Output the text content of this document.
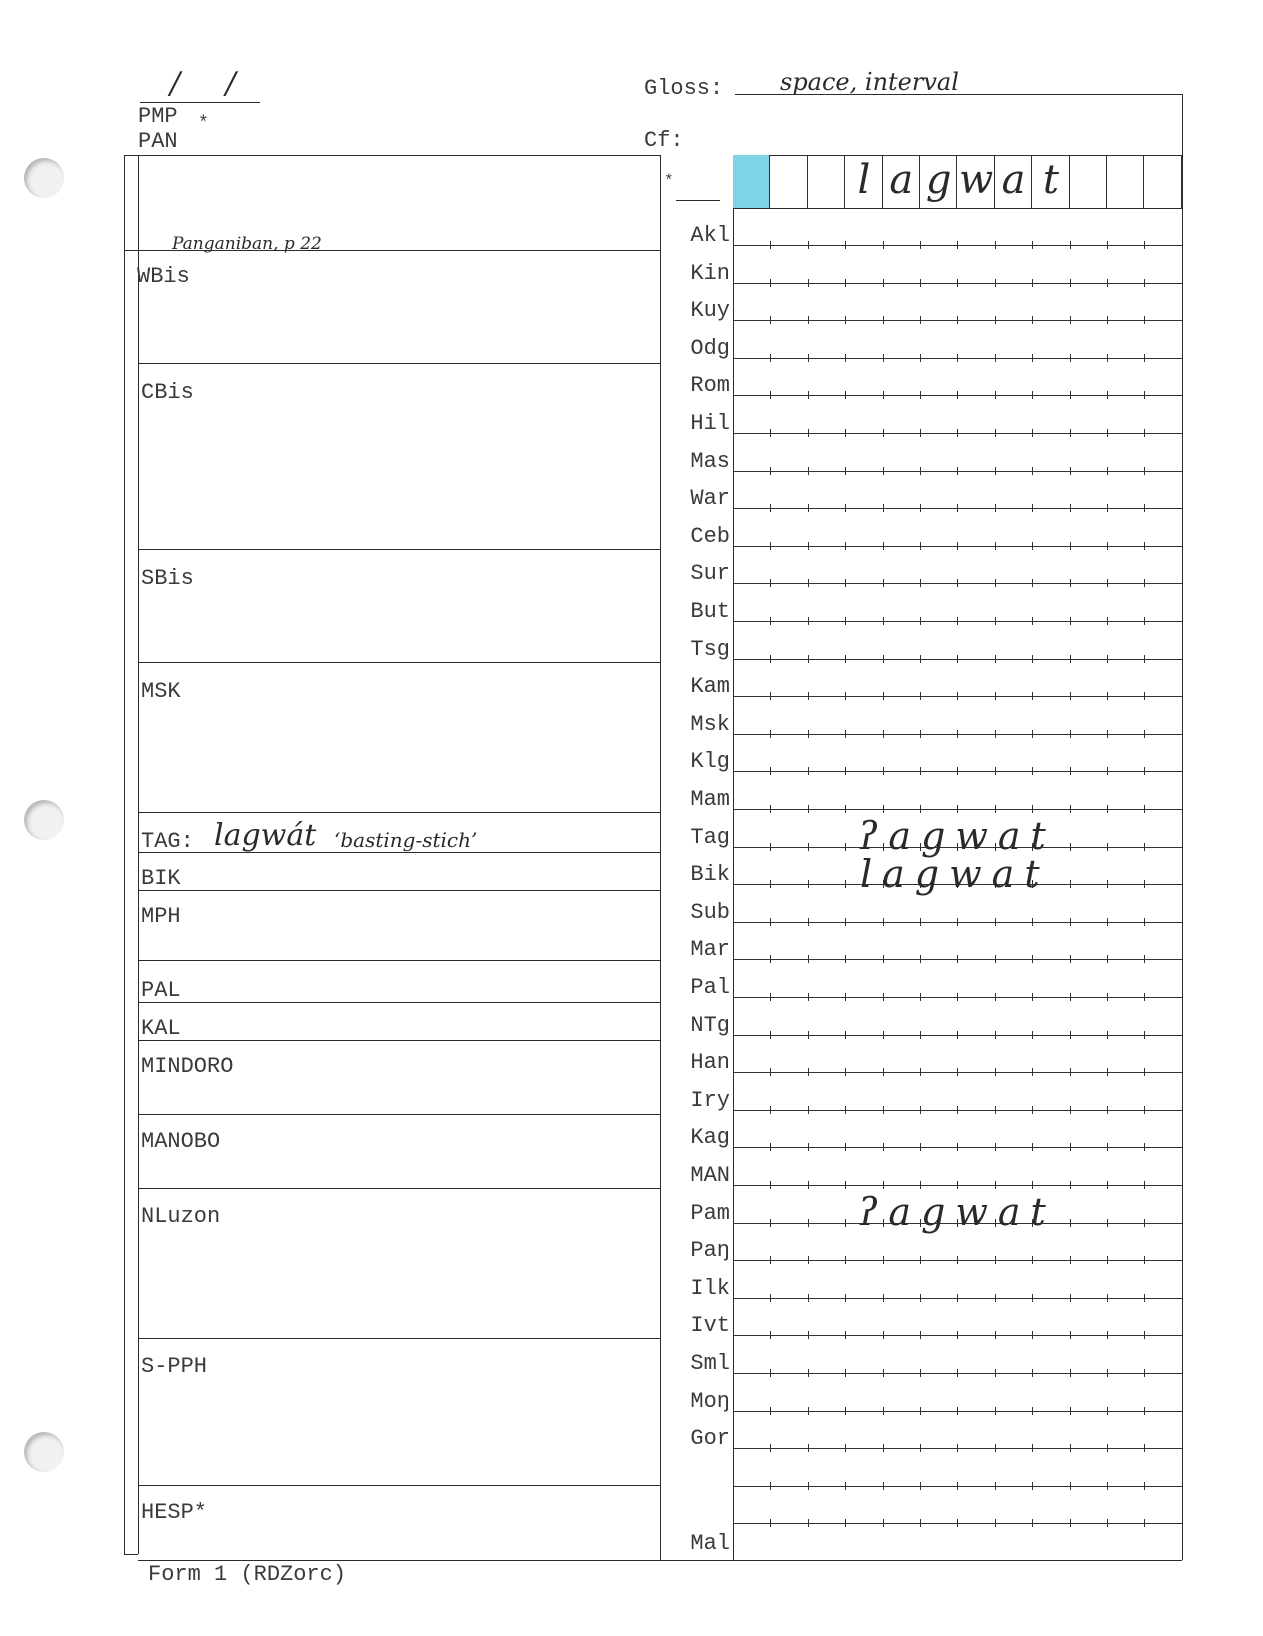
/ /
PMP *
PAN
Gloss: space, interval
Cf:
Panganiban, p 22
WBis
CBis
SBis
MSK
TAG:
BIK
MPH
PAL
KAL
MINDORO
MANOBO
NLuzon
S-PPH
HESP*
lagwát ‘basting-stich’
*	l a g w a t
Akl
Kin
Kuy
Odg
Rom
Hil
Mas
War
Ceb
Sur
But
Tsg
Kam
Msk
Klg
Mam
Tag
Bik
Sub
Mar
Pal
NTg
Han
Iry
Kag
MAN
Pam
Paŋ
Ilk
Ivt
Sml
Moŋ
Gor
Mal
ʔagwat
lagwat
ʔagwat
Form 1 (RDZorc)
